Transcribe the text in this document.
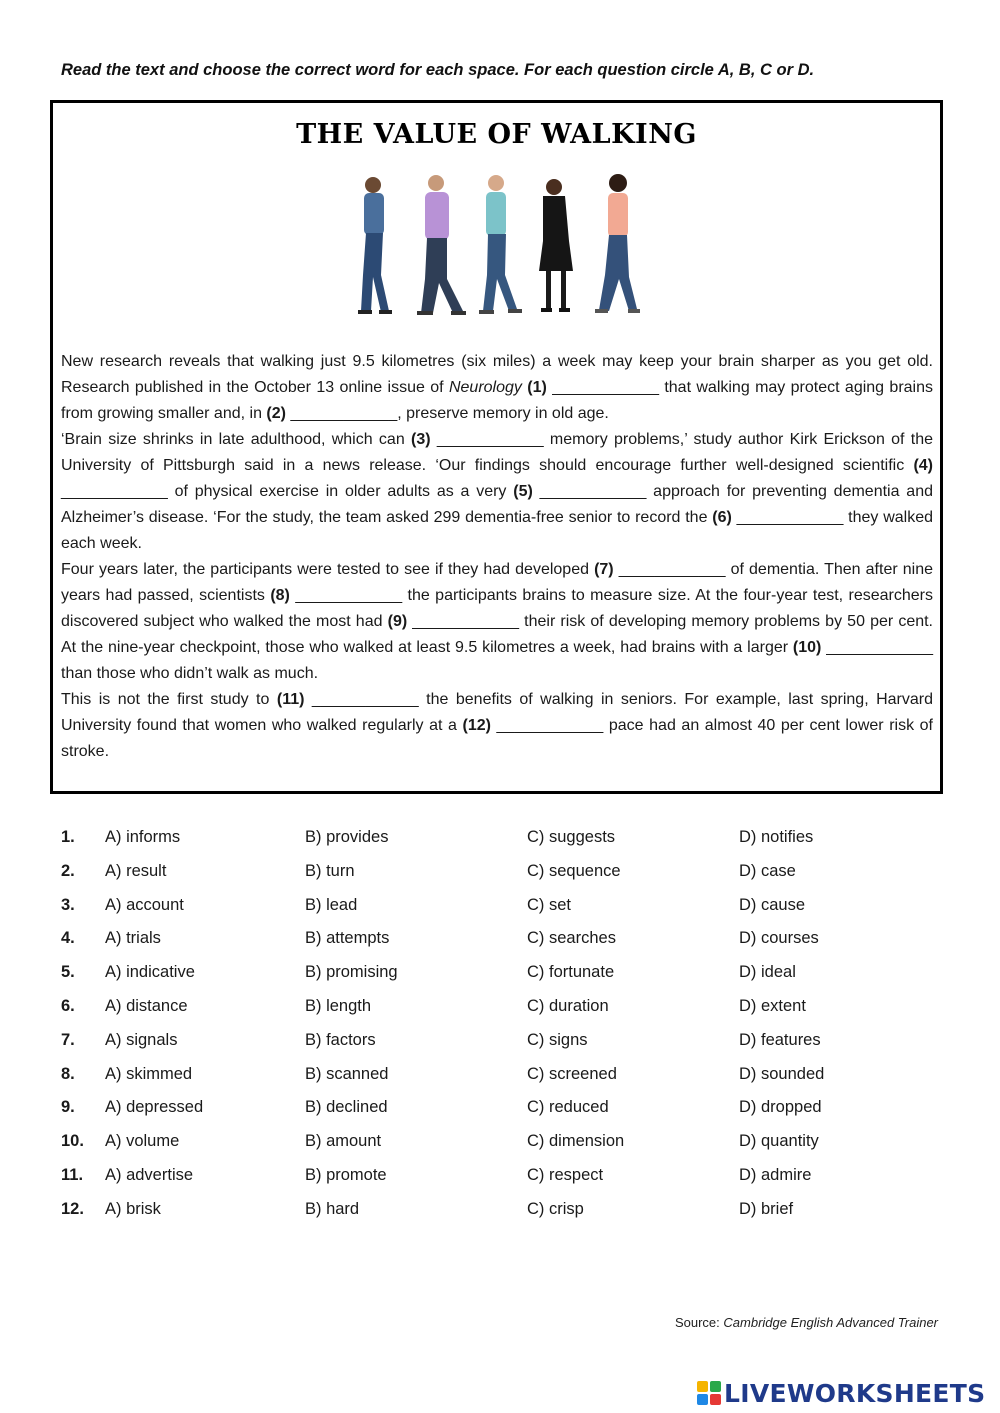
Read the text and choose the correct word for each space. For each question circle A, B, C or D.
THE VALUE OF WALKING

New research reveals that walking just 9.5 kilometres (six miles) a week may keep your brain sharper as you get old. Research published in the October 13 online issue of Neurology (1) ____________ that walking may protect aging brains from growing smaller and, in (2) ____________, preserve memory in old age.

‘Brain size shrinks in late adulthood, which can (3) ____________ memory problems,’ study author Kirk Erickson of the University of Pittsburgh said in a news release. ‘Our findings should encourage further well-designed scientific (4) ____________ of physical exercise in older adults as a very (5) ____________ approach for preventing dementia and Alzheimer’s disease. ‘For the study, the team asked 299 dementia-free senior to record the (6) ____________ they walked each week.

Four years later, the participants were tested to see if they had developed (7) ____________ of dementia. Then after nine years had passed, scientists (8) ____________ the participants brains to measure size. At the four-year test, researchers discovered subject who walked the most had (9) ____________ their risk of developing memory problems by 50 per cent. At the nine-year checkpoint, those who walked at least 9.5 kilometres a week, had brains with a larger (10) ____________ than those who didn’t walk as much.

This is not the first study to (11) ____________ the benefits of walking in seniors. For example, last spring, Harvard University found that women who walked regularly at a (12) ____________ pace had an almost 40 per cent lower risk of stroke.

1. A) informs	B) provides	C) suggests	D) notifies
2. A) result	B) turn	C) sequence	D) case
3. A) account	B) lead	C) set	D) cause
4. A) trials	B) attempts	C) searches	D) courses
5. A) indicative	B) promising	C) fortunate	D) ideal
6. A) distance	B) length	C) duration	D) extent
7. A) signals	B) factors	C) signs	D) features
8. A) skimmed	B) scanned	C) screened	D) sounded
9. A) depressed	B) declined	C) reduced	D) dropped
10. A) volume	B) amount	C) dimension	D) quantity
11. A) advertise	B) promote	C) respect	D) admire
12. A) brisk	B) hard	C) crisp	D) brief
Source: Cambridge English Advanced Trainer
LIVEWORKSHEETS
